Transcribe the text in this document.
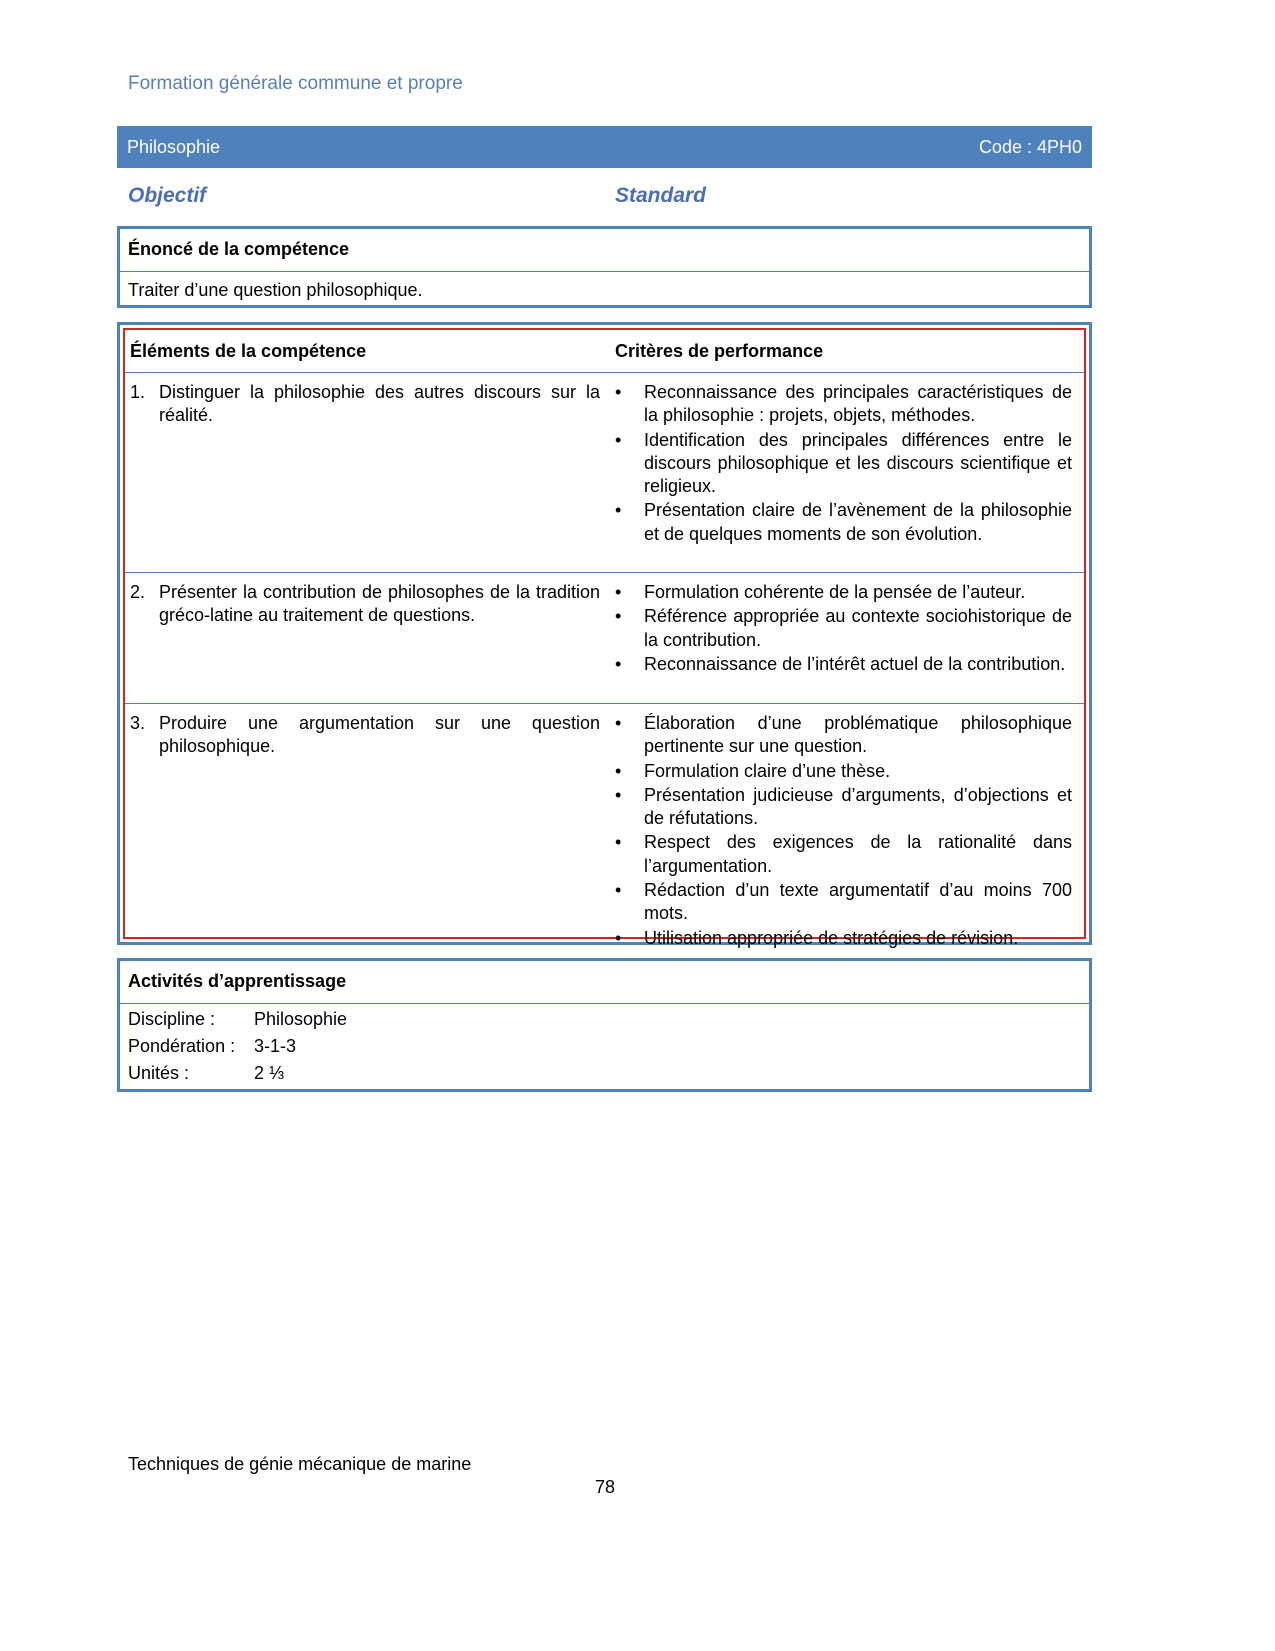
Formation générale commune et propre
Philosophie	Code : 4PH0
Objectif	Standard
Énoncé de la compétence
Traiter d’une question philosophique.
Éléments de la compétence	Critères de performance
1. Distinguer la philosophie des autres discours sur la réalité.
• Reconnaissance des principales caractéristiques de la philosophie : projets, objets, méthodes.
• Identification des principales différences entre le discours philosophique et les discours scientifique et religieux.
• Présentation claire de l’avènement de la philosophie et de quelques moments de son évolution.
2. Présenter la contribution de philosophes de la tradition gréco-latine au traitement de questions.
• Formulation cohérente de la pensée de l’auteur.
• Référence appropriée au contexte sociohistorique de la contribution.
• Reconnaissance de l’intérêt actuel de la contribution.
3. Produire une argumentation sur une question philosophique.
• Élaboration d’une problématique philosophique pertinente sur une question.
• Formulation claire d’une thèse.
• Présentation judicieuse d’arguments, d’objections et de réfutations.
• Respect des exigences de la rationalité dans l’argumentation.
• Rédaction d’un texte argumentatif d’au moins 700 mots.
• Utilisation appropriée de stratégies de révision.
Activités d’apprentissage
Discipline :	Philosophie
Pondération :	3-1-3
Unités :	2 ⅓
Techniques de génie mécanique de marine
78
